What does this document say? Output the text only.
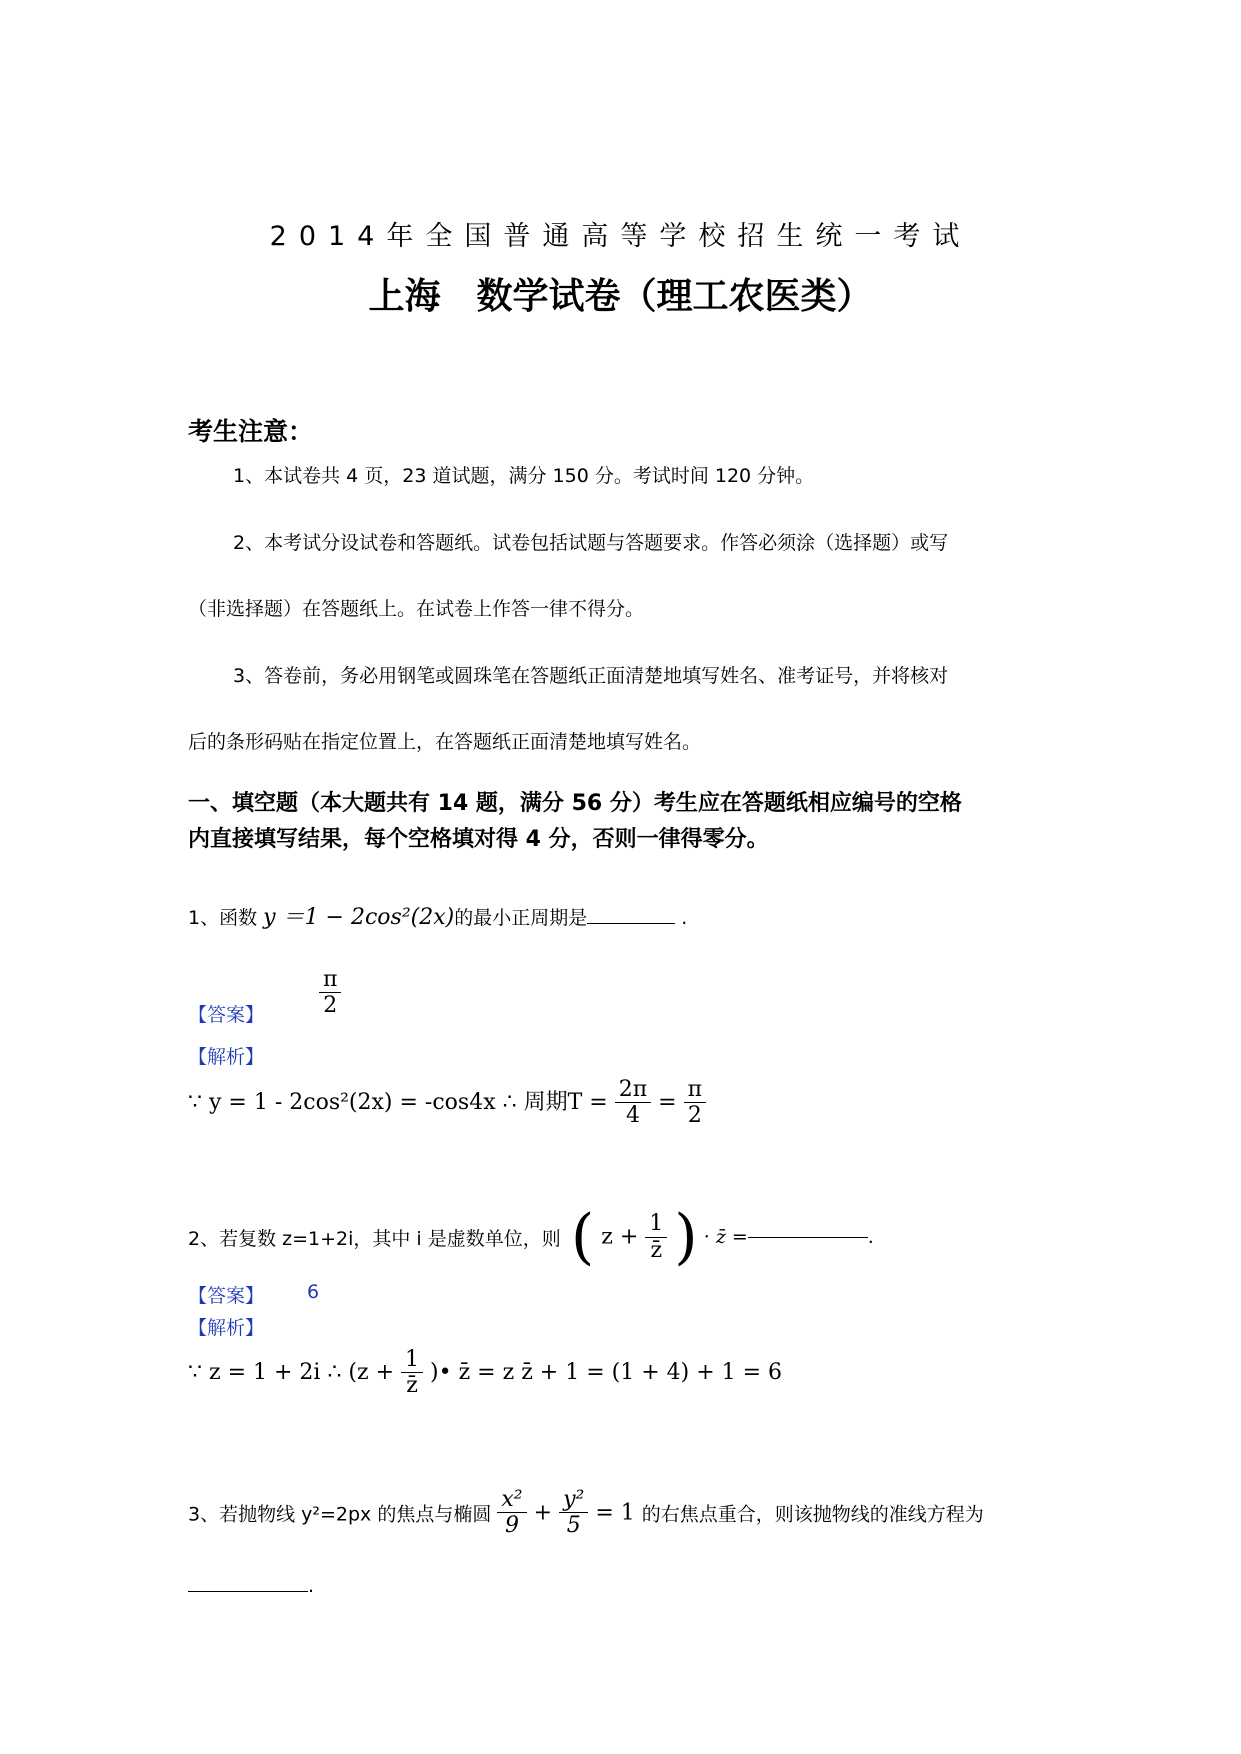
2014年全国普通高等学校招生统一考试
上海　数学试卷（理工农医类）
考生注意：
1、本试卷共 4 页，23 道试题，满分 150 分。考试时间 120 分钟。
2、本考试分设试卷和答题纸。试卷包括试题与答题要求。作答必须涂（选择题）或写
（非选择题）在答题纸上。在试卷上作答一律不得分。
3、答卷前，务必用钢笔或圆珠笔在答题纸正面清楚地填写姓名、准考证号，并将核对
后的条形码贴在指定位置上，在答题纸正面清楚地填写姓名。
一、填空题（本大题共有 14 题，满分 56 分）考生应在答题纸相应编号的空格
内直接填写结果，每个空格填对得 4 分，否则一律得零分。
1、函数 y ＝1 − 2cos²(2x)的最小正周期是	.
【答案】 $\frac{\pi}{2}$
【解析】
∵ y = 1 - 2cos²(2x) = -cos4x ∴ 周期$T = \frac{2\pi}{4} = \frac{\pi}{2}$
2、若复数 z=1+2i，其中 i 是虚数单位，则 ( $z + \frac{1}{z̄}$ ) · z̄ =	.
【答案】 6
【解析】
∵ z = 1 + 2i ∴ ($z + \frac{1}{z̄}$ )• z̄ = z z̄ + 1 = (1 + 4) + 1 = 6
3、若抛物线 y²=2px 的焦点与椭圆 $\frac{\text{x²}}{9} + \frac{\text{y²}}{5} = 1$ 的右焦点重合，则该抛物线的准线方程为
.
